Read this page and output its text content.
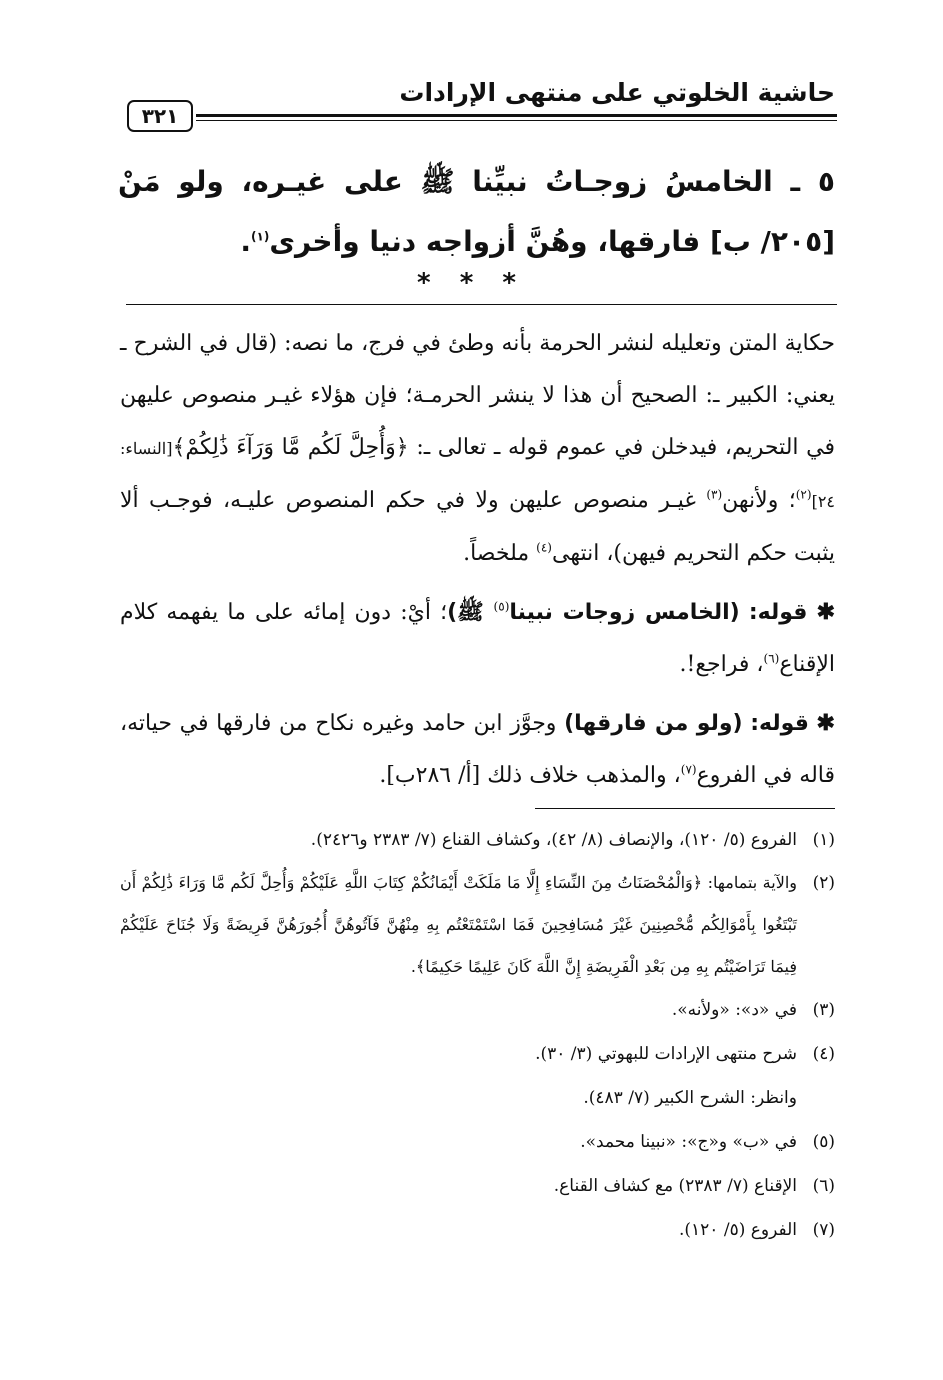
حاشية الخلوتي على منتهى الإرادات
٣٢١
٥ ـ الخامسُ زوجـاتُ نبيِّنا ﷺ على غيـره، ولو مَنْ [٢٠٥/ ب] فارقها، وهُنَّ أزواجه دنيا وأخرى$^{(١)}$.
* * *

حكاية المتن وتعليله لنشر الحرمة بأنه وطئ في فرج، ما نصه: (قال في الشرح ـ يعني: الكبير ـ: الصحيح أن هذا لا ينشر الحرمـة؛ فإن هؤلاء غيـر منصوص عليهن في التحريم، فيدخلن في عموم قوله ـ تعالى ـ: ﴿وَأُحِلَّ لَكُم مَّا وَرَآءَ ذَٰلِكُمْ﴾[النساء: ٢٤]$^{(٢)}$؛ ولأنهن$^{(٣)}$ غيـر منصوص عليهن ولا في حكم المنصوص عليـه، فوجـب ألا يثبت حكم التحريم فيهن)، انتهى$^{(٤)}$ ملخصاً.

✱ قوله: (الخامس زوجات نبينا$^{(٥)}$ ﷺ)؛ أيْ: دون إمائه على ما يفهمه كلام الإقناع$^{(٦)}$، فراجع!.

✱ قوله: (ولو من فارقها) وجوَّز ابن حامد وغيره نكاح من فارقها في حياته، قاله في الفروع$^{(٧)}$، والمذهب خلاف ذلك [أ/ ٢٨٦ب].

(١)
الفروع (٥/ ١٢٠)، والإنصاف (٨/ ٤٢)، وكشاف القناع (٧/ ٢٣٨٣ و٢٤٢٦).
(٢)
والآية بتمامها: ﴿وَالْمُحْصَنَاتُ مِنَ النِّسَاءِ إِلَّا مَا مَلَكَتْ أَيْمَانُكُمْ كِتَابَ اللَّهِ عَلَيْكُمْ وَأُحِلَّ لَكُم مَّا وَرَاءَ ذَٰلِكُمْ أَن تَبْتَغُوا بِأَمْوَالِكُم مُّحْصِنِينَ غَيْرَ مُسَافِحِينَ فَمَا اسْتَمْتَعْتُم بِهِ مِنْهُنَّ فَآتُوهُنَّ أُجُورَهُنَّ فَرِيضَةً وَلَا جُنَاحَ عَلَيْكُمْ فِيمَا تَرَاضَيْتُم بِهِ مِن بَعْدِ الْفَرِيضَةِ إِنَّ اللَّهَ كَانَ عَلِيمًا حَكِيمًا﴾.
(٣)
في «د»: «ولأنه».
(٤)
شرح منتهى الإرادات للبهوتي (٣/ ٣٠).
وانظر: الشرح الكبير (٧/ ٤٨٣).
(٥)
في «ب» و«ج»: «نبينا محمد».
(٦)
الإقناع (٧/ ٢٣٨٣) مع كشاف القناع.
(٧)
الفروع (٥/ ١٢٠).
